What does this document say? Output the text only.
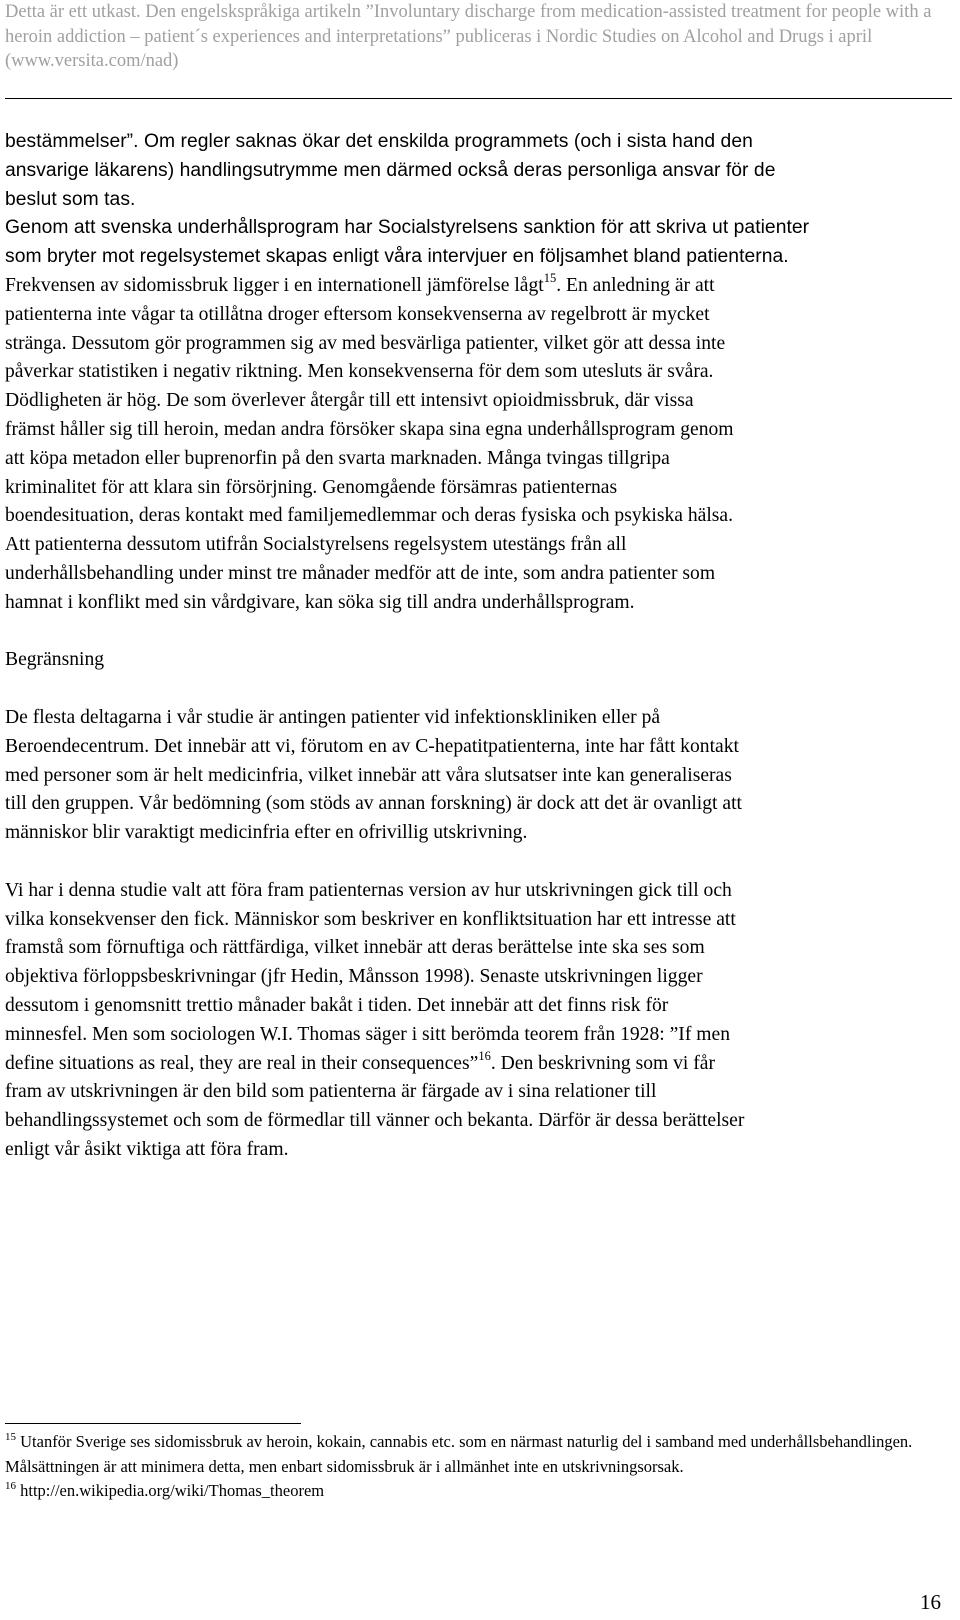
Detta är ett utkast. Den engelskspråkiga artikeln ”Involuntary discharge from medication-assisted treatment for people with a heroin addiction – patient´s experiences and interpretations” publiceras i Nordic Studies on Alcohol and Drugs i april (www.versita.com/nad)
bestämmelser”. Om regler saknas ökar det enskilda programmets (och i sista hand den
ansvarige läkarens) handlingsutrymme men därmed också deras personliga ansvar för de
beslut som tas.
Genom att svenska underhållsprogram har Socialstyrelsens sanktion för att skriva ut patienter
som bryter mot regelsystemet skapas enligt våra intervjuer en följsamhet bland patienterna.
Frekvensen av sidomissbruk ligger i en internationell jämförelse lågt$^{15}$. En anledning är att
patienterna inte vågar ta otillåtna droger eftersom konsekvenserna av regelbrott är mycket
stränga. Dessutom gör programmen sig av med besvärliga patienter, vilket gör att dessa inte
påverkar statistiken i negativ riktning. Men konsekvenserna för dem som utesluts är svåra.
Dödligheten är hög. De som överlever återgår till ett intensivt opioidmissbruk, där vissa
främst håller sig till heroin, medan andra försöker skapa sina egna underhållsprogram genom
att köpa metadon eller buprenorfin på den svarta marknaden. Många tvingas tillgripa
kriminalitet för att klara sin försörjning. Genomgående försämras patienternas
boendesituation, deras kontakt med familjemedlemmar och deras fysiska och psykiska hälsa.
Att patienterna dessutom utifrån Socialstyrelsens regelsystem utestängs från all
underhållsbehandling under minst tre månader medför att de inte, som andra patienter som
hamnat i konflikt med sin vårdgivare, kan söka sig till andra underhållsprogram.
Begränsning
De flesta deltagarna i vår studie är antingen patienter vid infektionskliniken eller på
Beroendecentrum. Det innebär att vi, förutom en av C-hepatitpatienterna, inte har fått kontakt
med personer som är helt medicinfria, vilket innebär att våra slutsatser inte kan generaliseras
till den gruppen. Vår bedömning (som stöds av annan forskning) är dock att det är ovanligt att
människor blir varaktigt medicinfria efter en ofrivillig utskrivning.
Vi har i denna studie valt att föra fram patienternas version av hur utskrivningen gick till och
vilka konsekvenser den fick. Människor som beskriver en konfliktsituation har ett intresse att
framstå som förnuftiga och rättfärdiga, vilket innebär att deras berättelse inte ska ses som
objektiva förloppsbeskrivningar (jfr Hedin, Månsson 1998). Senaste utskrivningen ligger
dessutom i genomsnitt trettio månader bakåt i tiden. Det innebär att det finns risk för
minnesfel. Men som sociologen W.I. Thomas säger i sitt berömda teorem från 1928: ”If men
define situations as real, they are real in their consequences”$^{16}$. Den beskrivning som vi får
fram av utskrivningen är den bild som patienterna är färgade av i sina relationer till
behandlingssystemet och som de förmedlar till vänner och bekanta. Därför är dessa berättelser
enligt vår åsikt viktiga att föra fram.
$^{15}$ Utanför Sverige ses sidomissbruk av heroin, kokain, cannabis etc. som en närmast naturlig del i samband med underhållsbehandlingen. Målsättningen är att minimera detta, men enbart sidomissbruk är i allmänhet inte en utskrivningsorsak.
$^{16}$ http://en.wikipedia.org/wiki/Thomas_theorem
16
